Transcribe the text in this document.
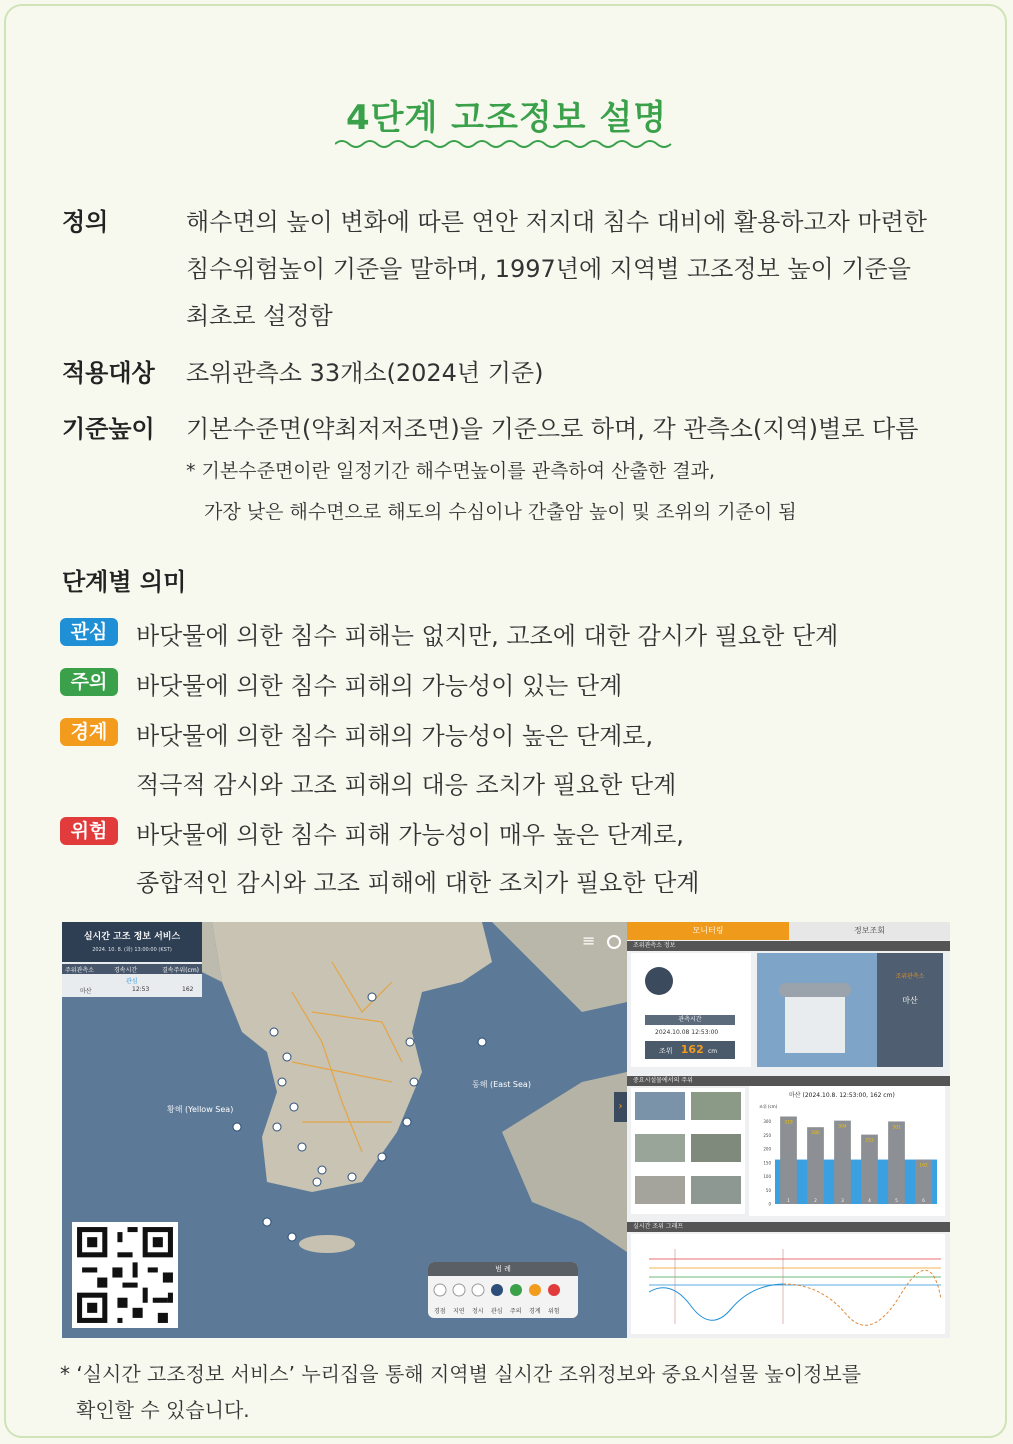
4단계 고조정보 설명
정의	해수면의 높이 변화에 따른 연안 저지대 침수 대비에 활용하고자 마련한
침수위험높이 기준을 말하며, 1997년에 지역별 고조정보 높이 기준을
최초로 설정함
적용대상 조위관측소 33개소(2024년 기준)
기준높이 기본수준면(약최저저조면)을 기준으로 하며, 각 관측소(지역)별로 다름
* 기본수준면이란 일정기간 해수면높이를 관측하여 산출한 결과,
가장 낮은 해수면으로 해도의 수심이나 간출암 높이 및 조위의 기준이 됨
단계별 의미
관심	바닷물에 의한 침수 피해는 없지만, 고조에 대한 감시가 필요한 단계
주의	바닷물에 의한 침수 피해의 가능성이 있는 단계
경계	바닷물에 의한 침수 피해의 가능성이 높은 단계로,
적극적 감시와 고조 피해의 대응 조치가 필요한 단계
위험	바닷물에 의한 침수 피해 가능성이 매우 높은 단계로,
종합적인 감시와 고조 피해에 대한 조치가 필요한 단계
황해 (Yellow Sea)
동해 (East Sea)
≡
실시간 고조 정보 서비스
2024. 10. 8. (화) 13:00:00 (KST)
주위관측소	경속시간	결속주위(cm)
관심
마산	12:53	162
범 례
경점 지연 정시 관심 주의 경계 위험
›
모니터링	정보조회
조위관측소 정보
관측시간
2024.10.08 12:53:00
조위 162 cm
조위관측소
마산
중요시설물에서의 주위
마산 (2024.10.8. 12:53:00, 162 cm)
조위 (cm)
0
50
100
150
200
250
300	319
1
280
2
304
3
253
4
301
5
162
6
실시간 조위 그래프
* ‘실시간 고조정보 서비스’ 누리집을 통해 지역별 실시간 조위정보와 중요시설물 높이정보를
확인할 수 있습니다.
